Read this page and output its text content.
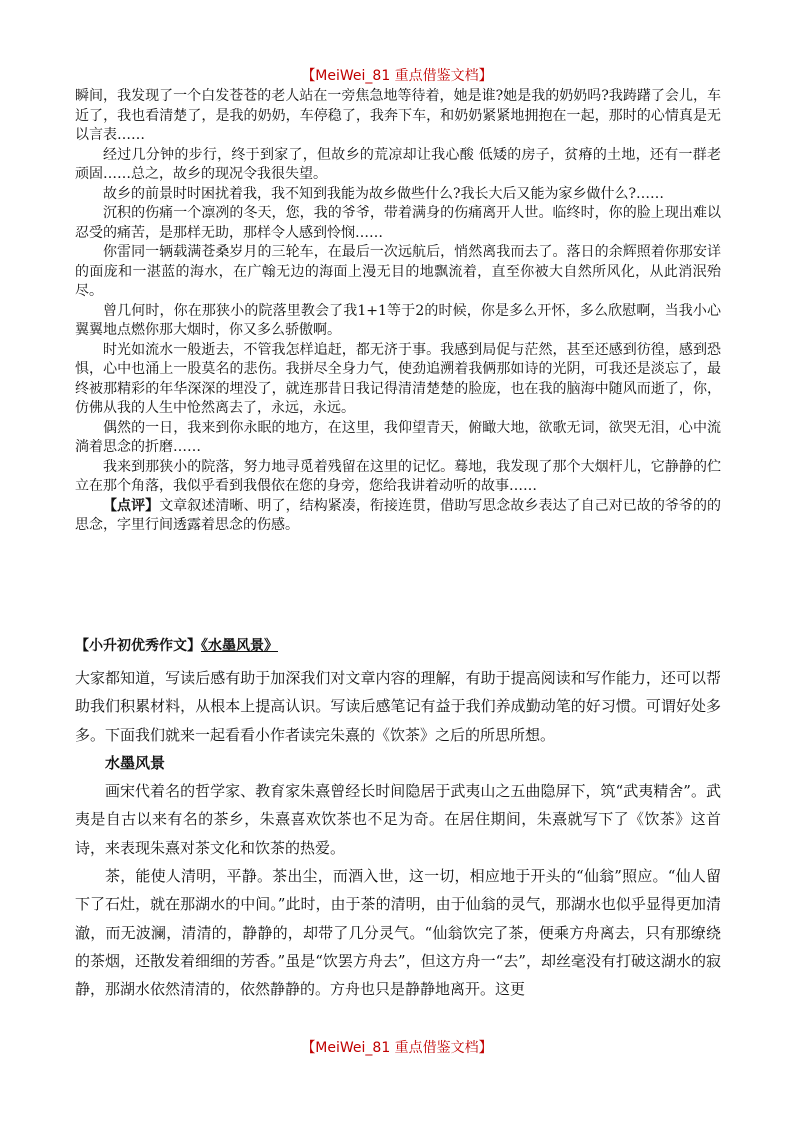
【MeiWei_81 重点借鉴文档】

瞬间，我发现了一个白发苍苍的老人站在一旁焦急地等待着，她是谁?她是我的奶奶吗?我踌躇了会儿，车近了，我也看清楚了，是我的奶奶，车停稳了，我奔下车，和奶奶紧紧地拥抱在一起，那时的心情真是无以言表……

经过几分钟的步行，终于到家了，但故乡的荒凉却让我心酸 低矮的房子，贫瘠的土地，还有一群老顽固……总之，故乡的现况令我很失望。

故乡的前景时时困扰着我，我不知到我能为故乡做些什么?我长大后又能为家乡做什么?……

沉积的伤痛一个凛冽的冬天，您，我的爷爷，带着满身的伤痛离开人世。临终时，你的脸上现出难以忍受的痛苦，是那样无助，那样令人感到怜悯……

你雷同一辆载满苍桑岁月的三轮车，在最后一次远航后，悄然离我而去了。落日的余辉照着你那安详的面庞和一湛蓝的海水，在广翰无边的海面上漫无目的地飘流着，直至你被大自然所风化，从此消泯殆尽。

曾几何时，你在那狭小的院落里教会了我1+1等于2的时候，你是多么开怀，多么欣慰啊，当我小心翼翼地点燃你那大烟时，你又多么骄傲啊。

时光如流水一般逝去，不管我怎样追赶，都无济于事。我感到局促与茫然，甚至还感到彷徨，感到恐惧，心中也涌上一股莫名的悲伤。我拼尽全身力气，使劲追溯着我俩那如诗的光阴，可我还是淡忘了，最终被那精彩的年华深深的埋没了，就连那昔日我记得清清楚楚的脸庞，也在我的脑海中随风而逝了，你，仿佛从我的人生中怆然离去了，永远，永远。

偶然的一日，我来到你永眠的地方，在这里，我仰望青天，俯瞰大地，欲歌无词，欲哭无泪，心中流淌着思念的折磨……

我来到那狭小的院落，努力地寻觅着残留在这里的记忆。蓦地，我发现了那个大烟杆儿，它静静的伫立在那个角落，我似乎看到我偎依在您的身旁，您给我讲着动听的故事……

【点评】文章叙述清晰、明了，结构紧凑，衔接连贯，借助写思念故乡表达了自己对已故的爷爷的的思念，字里行间透露着思念的伤感。

【小升初优秀作文】《水墨风景》

大家都知道，写读后感有助于加深我们对文章内容的理解，有助于提高阅读和写作能力，还可以帮助我们积累材料，从根本上提高认识。写读后感笔记有益于我们养成勤动笔的好习惯。可谓好处多多。下面我们就来一起看看小作者读完朱熹的《饮茶》之后的所思所想。

水墨风景

画宋代着名的哲学家、教育家朱熹曾经长时间隐居于武夷山之五曲隐屏下，筑“武夷精舍”。武夷是自古以来有名的茶乡，朱熹喜欢饮茶也不足为奇。在居住期间，朱熹就写下了《饮茶》这首诗，来表现朱熹对茶文化和饮茶的热爱。

茶，能使人清明，平静。茶出尘，而酒入世，这一切，相应地于开头的“仙翁”照应。“仙人留下了石灶，就在那湖水的中间。”此时，由于茶的清明，由于仙翁的灵气，那湖水也似乎显得更加清澈，而无波澜，清清的，静静的，却带了几分灵气。“仙翁饮完了茶，便乘方舟离去，只有那缭绕的茶烟，还散发着细细的芳香。”虽是“饮罢方舟去”，但这方舟一“去”，却丝毫没有打破这湖水的寂静，那湖水依然清清的，依然静静的。方舟也只是静静地离开。这更

【MeiWei_81 重点借鉴文档】
